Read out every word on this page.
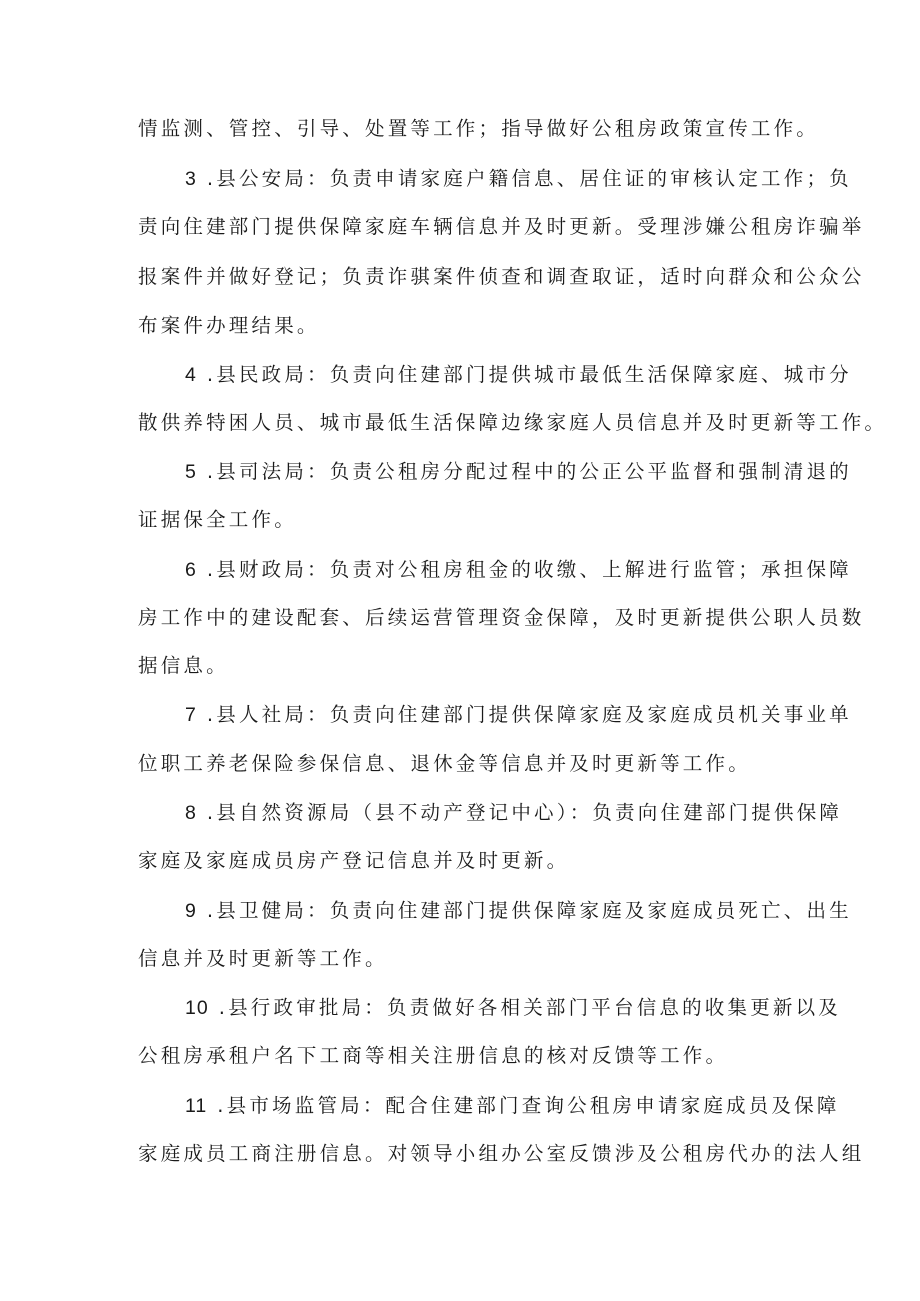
情监测、管控、引导、处置等工作；指导做好公租房政策宣传工作。
3 .县公安局：负责申请家庭户籍信息、居住证的审核认定工作；负
责向住建部门提供保障家庭车辆信息并及时更新。受理涉嫌公租房诈骗举
报案件并做好登记；负责诈骐案件侦查和调查取证，适时向群众和公众公
布案件办理结果。
4 .县民政局：负责向住建部门提供城市最低生活保障家庭、城市分
散供养特困人员、城市最低生活保障边缘家庭人员信息并及时更新等工作。
5 .县司法局：负责公租房分配过程中的公正公平监督和强制清退的
证据保全工作。
6 .县财政局：负责对公租房租金的收缴、上解进行监管；承担保障
房工作中的建设配套、后续运营管理资金保障，及时更新提供公职人员数
据信息。
7 .县人社局：负责向住建部门提供保障家庭及家庭成员机关事业单
位职工养老保险参保信息、退休金等信息并及时更新等工作。
8 .县自然资源局（县不动产登记中心）：负责向住建部门提供保障
家庭及家庭成员房产登记信息并及时更新。
9 .县卫健局：负责向住建部门提供保障家庭及家庭成员死亡、出生
信息并及时更新等工作。
10 .县行政审批局：负责做好各相关部门平台信息的收集更新以及
公租房承租户名下工商等相关注册信息的核对反馈等工作。
11 .县市场监管局：配合住建部门查询公租房申请家庭成员及保障
家庭成员工商注册信息。对领导小组办公室反馈涉及公租房代办的法人组
